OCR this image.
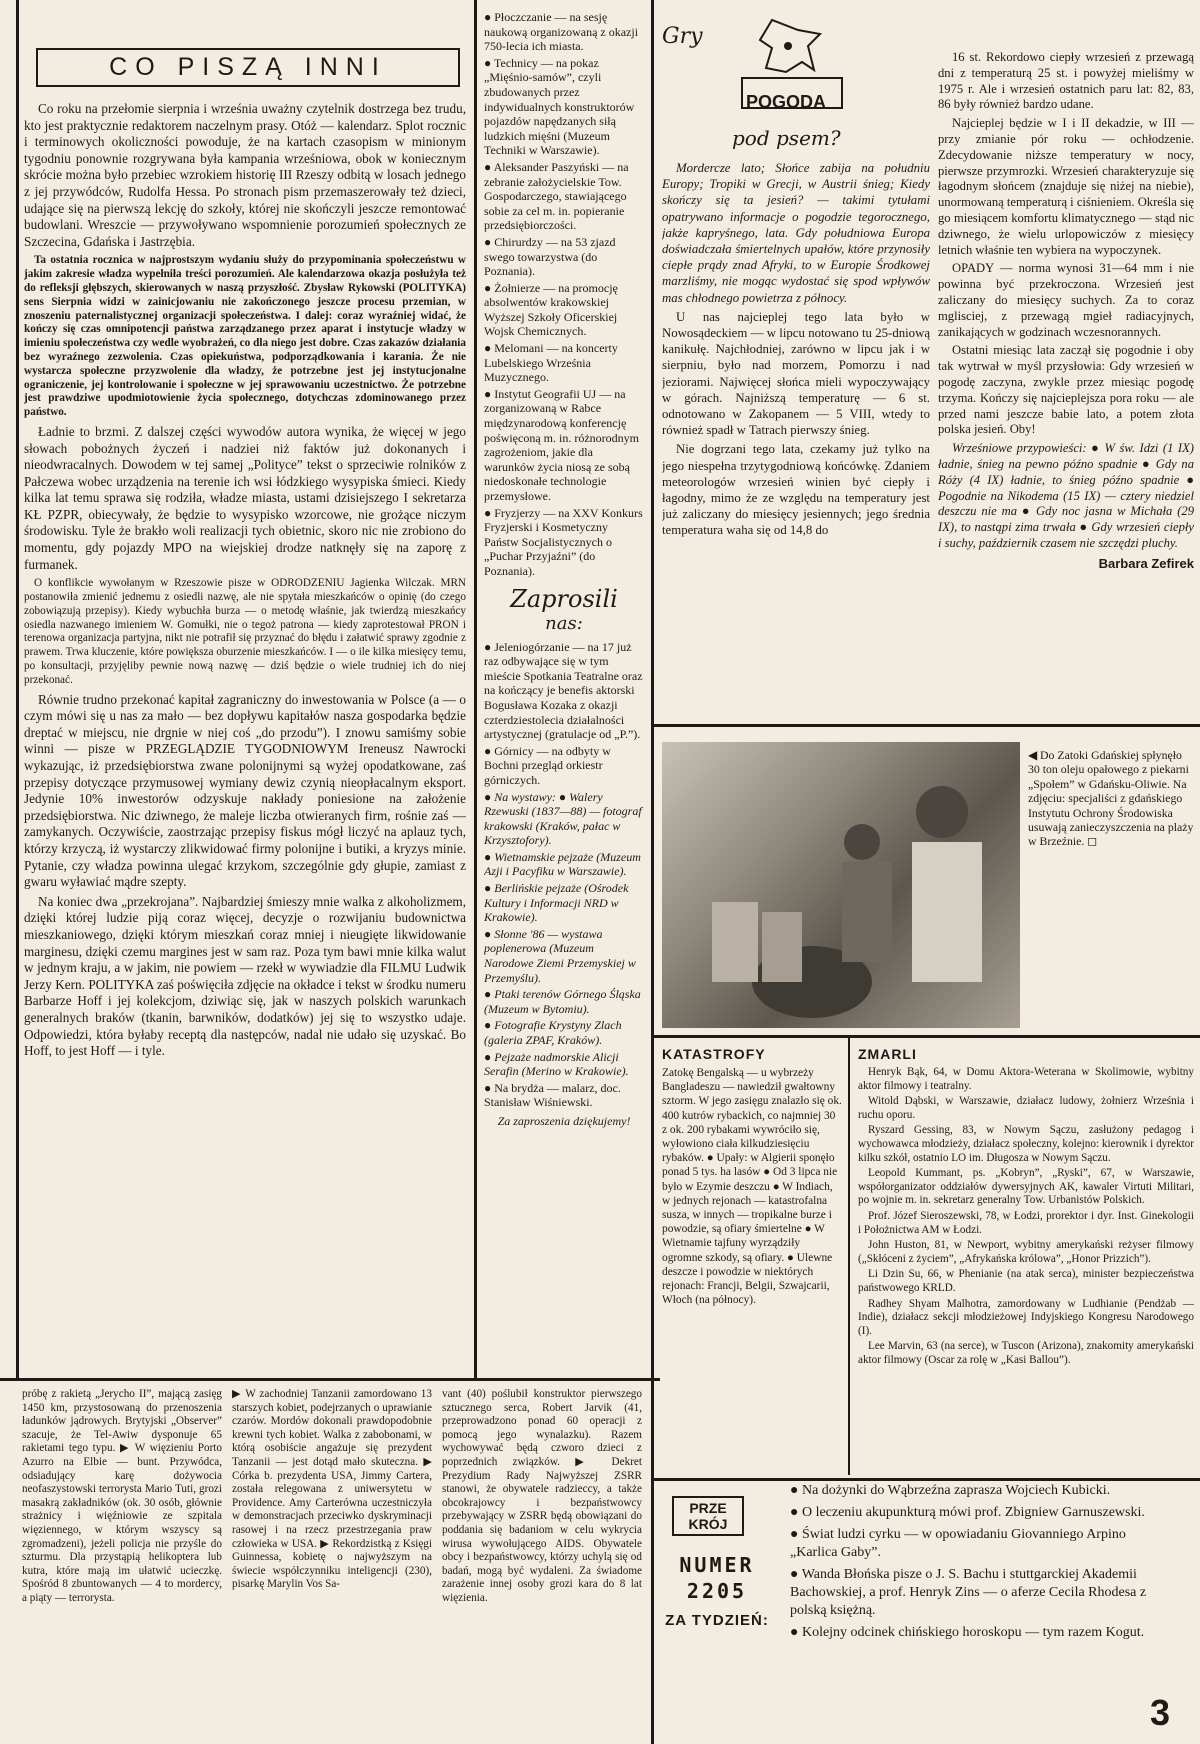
CO PISZĄ INNI

Co roku na przełomie sierpnia i września uważny czytelnik dostrzega bez trudu, kto jest praktycznie redaktorem naczelnym prasy. Otóż — kalendarz. Splot rocznic i terminowych okoliczności powoduje, że na kartach czasopism w minionym tygodniu ponownie rozgrywana była kampania wrześniowa, obok w koniecznym skrócie można było przebiec wzrokiem historię III Rzeszy odbitą w losach jednego z jej przywódców, Rudolfa Hessa. Po stronach pism przemaszerowały też dzieci, udające się na pierwszą lekcję do szkoły, której nie skończyli jeszcze remontować budowlani. Wreszcie — przywoływano wspomnienie porozumień społecznych ze Szczecina, Gdańska i Jastrzębia.

Ta ostatnia rocznica w najprostszym wydaniu służy do przypominania społeczeństwu w jakim zakresie władza wypełniła treści porozumień. Ale kalendarzowa okazja posłużyła też do refleksji głębszych, skierowanych w naszą przyszłość. Zbysław Rykowski (POLITYKA) sens Sierpnia widzi w zainicjowaniu nie zakończonego jeszcze procesu przemian, w znoszeniu paternalistycznej organizacji społeczeństwa. I dalej: coraz wyraźniej widać, że kończy się czas omnipotencji państwa zarządzanego przez aparat i instytucje władzy w imieniu społeczeństwa czy wedle wyobrażeń, co dla niego jest dobre. Czas zakazów działania bez wyraźnego zezwolenia. Czas opiekuństwa, podporządkowania i karania. Że nie wystarcza społeczne przyzwolenie dla władzy, że potrzebne jest jej instytucjonalne ograniczenie, jej kontrolowanie i społeczne w jej sprawowaniu uczestnictwo. Że potrzebne jest prawdziwe upodmiotowienie życia społecznego, dotychczas zdominowanego przez państwo.

Ładnie to brzmi. Z dalszej części wywodów autora wynika, że więcej w jego słowach pobożnych życzeń i nadziei niż faktów już dokonanych i nieodwracalnych. Dowodem w tej samej „Polityce” tekst o sprzeciwie rolników z Pałczewa wobec urządzenia na terenie ich wsi łódzkiego wysypiska śmieci. Kiedy kilka lat temu sprawa się rodziła, władze miasta, ustami dzisiejszego I sekretarza KŁ PZPR, obiecywały, że będzie to wysypisko wzorcowe, nie grożące niczym środowisku. Tyle że brakło woli realizacji tych obietnic, skoro nic nie zrobiono do momentu, gdy pojazdy MPO na wiejskiej drodze natknęły się na zaporę z furmanek.

O konflikcie wywołanym w Rzeszowie pisze w ODRODZENIU Jagienka Wilczak. MRN postanowiła zmienić jednemu z osiedli nazwę, ale nie spytała mieszkańców o opinię (do czego zobowiązują przepisy). Kiedy wybuchła burza — o metodę właśnie, jak twierdzą mieszkańcy osiedla nazwanego imieniem W. Gomułki, nie o tegoż patrona — kiedy zaprotestował PRON i terenowa organizacja partyjna, nikt nie potrafił się przyznać do błędu i załatwić sprawy zgodnie z prawem. Trwa kluczenie, które powiększa oburzenie mieszkańców. I — o ile kilka miesięcy temu, po konsultacji, przyjęliby pewnie nową nazwę — dziś będzie o wiele trudniej ich do niej przekonać.

Równie trudno przekonać kapitał zagraniczny do inwestowania w Polsce (a — o czym mówi się u nas za mało — bez dopływu kapitałów nasza gospodarka będzie dreptać w miejscu, nie drgnie w niej coś „do przodu”). I znowu samiśmy sobie winni — pisze w PRZEGLĄDZIE TYGODNIOWYM Ireneusz Nawrocki wykazując, iż przedsiębiorstwa zwane polonijnymi są wyżej opodatkowane, zaś przepisy dotyczące przymusowej wymiany dewiz czynią nieopłacalnym eksport. Jedynie 10% inwestorów odzyskuje nakłady poniesione na założenie przedsiębiorstwa. Nic dziwnego, że maleje liczba otwieranych firm, rośnie zaś — zamykanych. Oczywiście, zaostrzając przepisy fiskus mógł liczyć na aplauz tych, którzy krzyczą, iż wystarczy zlikwidować firmy polonijne i butiki, a kryzys minie. Pytanie, czy władza powinna ulegać krzykom, szczególnie gdy głupie, zamiast z gwaru wyławiać mądre szepty.

Na koniec dwa „przekrojana”. Najbardziej śmieszy mnie walka z alkoholizmem, dzięki której ludzie piją coraz więcej, decyzje o rozwijaniu budownictwa mieszkaniowego, dzięki którym mieszkań coraz mniej i nieugięte likwidowanie marginesu, dzięki czemu margines jest w sam raz. Poza tym bawi mnie kilka walut w jednym kraju, a w jakim, nie powiem — rzekł w wywiadzie dla FILMU Ludwik Jerzy Kern. POLITYKA zaś poświęciła zdjęcie na okładce i tekst w środku numeru Barbarze Hoff i jej kolekcjom, dziwiąc się, jak w naszych polskich warunkach generalnych braków (tkanin, barwników, dodatków) jej się to wszystko udaje. Odpowiedzi, która byłaby receptą dla następców, nadal nie udało się uzyskać. Bo Hoff, to jest Hoff — i tyle.

● Płoczczanie — na sesję naukową organizowaną z okazji 750-lecia ich miasta.

● Technicy — na pokaz „Mięśnio-samów”, czyli zbudowanych przez indywidualnych konstruktorów pojazdów napędzanych siłą ludzkich mięśni (Muzeum Techniki w Warszawie).

● Aleksander Paszyński — na zebranie założycielskie Tow. Gospodarczego, stawiającego sobie za cel m. in. popieranie przedsiębiorczości.

● Chirurdzy — na 53 zjazd swego towarzystwa (do Poznania).

● Żołnierze — na promocję absolwentów krakowskiej Wyższej Szkoły Oficerskiej Wojsk Chemicznych.

● Melomani — na koncerty Lubelskiego Września Muzycznego.

● Instytut Geografii UJ — na zorganizowaną w Rabce międzynarodową konferencję poświęconą m. in. różnorodnym zagrożeniom, jakie dla warunków życia niosą ze sobą niedoskonałe technologie przemysłowe.

● Fryzjerzy — na XXV Konkurs Fryzjerski i Kosmetyczny Państw Socjalistycznych o „Puchar Przyjaźni” (do Poznania).

Zaprosili
nas:

● Jeleniogórzanie — na 17 już raz odbywające się w tym mieście Spotkania Teatralne oraz na kończący je benefis aktorski Bogusława Kozaka z okazji czterdziestolecia działalności artystycznej (gratulacje od „P.”).

● Górnicy — na odbyty w Bochni przegląd orkiestr górniczych.

● Na wystawy: ● Walery Rzewuski (1837—88) — fotograf krakowski (Kraków, pałac w Krzysztofory).

● Wietnamskie pejzaże (Muzeum Azji i Pacyfiku w Warszawie).

● Berlińskie pejzaże (Ośrodek Kultury i Informacji NRD w Krakowie).

● Słonne '86 — wystawa poplenerowa (Muzeum Narodowe Ziemi Przemyskiej w Przemyślu).

● Ptaki terenów Górnego Śląska (Muzeum w Bytomiu).

● Fotografie Krystyny Zlach (galeria ZPAF, Kraków).

● Pejzaże nadmorskie Alicji Serafin (Merino w Krakowie).

● Na brydża — malarz, doc. Stanisław Wiśniewski.

Za zaproszenia dziękujemy!
Gry
POGODA
pod psem?

Mordercze lato; Słońce zabija na południu Europy; Tropiki w Grecji, w Austrii śnieg; Kiedy skończy się ta jesień? — takimi tytułami opatrywano informacje o pogodzie tegorocznego, jakże kapryśnego, lata. Gdy południowa Europa doświadczała śmiertelnych upałów, które przynosiły ciepłe prądy znad Afryki, to w Europie Środkowej marzliśmy, nie mogąc wydostać się spod wpływów mas chłodnego powietrza z północy.

U nas najcieplej tego lata było w Nowosądeckiem — w lipcu notowano tu 25-dniową kanikułę. Najchłodniej, zarówno w lipcu jak i w sierpniu, było nad morzem, Pomorzu i nad jeziorami. Najwięcej słońca mieli wypoczywający w górach. Najniższą temperaturę — 6 st. odnotowano w Zakopanem — 5 VIII, wtedy to również spadł w Tatrach pierwszy śnieg.

Nie dogrzani tego lata, czekamy już tylko na jego niespełna trzytygodniową końcówkę. Zdaniem meteorologów wrzesień winien być ciepły i łagodny, mimo że ze względu na temperatury jest już zaliczany do miesięcy jesiennych; jego średnia temperatura waha się od 14,8 do

16 st. Rekordowo ciepły wrzesień z przewagą dni z temperaturą 25 st. i powyżej mieliśmy w 1975 r. Ale i wrzesień ostatnich paru lat: 82, 83, 86 były również bardzo udane.

Najcieplej będzie w I i II dekadzie, w III — przy zmianie pór roku — ochłodzenie. Zdecydowanie niższe temperatury w nocy, pierwsze przymrozki. Wrzesień charakteryzuje się łagodnym słońcem (znajduje się niżej na niebie), unormowaną temperaturą i ciśnieniem. Określa się go miesiącem komfortu klimatycznego — stąd nic dziwnego, że wielu urlopowiczów z miesięcy letnich właśnie ten wybiera na wypoczynek.

OPADY — norma wynosi 31—64 mm i nie powinna być przekroczona. Wrzesień jest zaliczany do miesięcy suchych. Za to coraz mglisciej, z przewagą mgieł radiacyjnych, zanikających w godzinach wczesnorannych.

Ostatni miesiąc lata zaczął się pogodnie i oby tak wytrwał w myśl przysłowia: Gdy wrzesień w pogodę zaczyna, zwykle przez miesiąc pogodę trzyma. Kończy się najcieplejsza pora roku — ale przed nami jeszcze babie lato, a potem złota polska jesień. Oby!

Wrześniowe przypowieści: ● W św. Idzi (1 IX) ładnie, śnieg na pewno późno spadnie ● Gdy na Róży (4 IX) ładnie, to śnieg późno spadnie ● Pogodnie na Nikodema (15 IX) — cztery niedziel deszczu nie ma ● Gdy noc jasna w Michała (29 IX), to nastąpi zima trwała ● Gdy wrzesień ciepły i suchy, październik czasem nie szczędzi pluchy.

Barbara Zefirek
◀ Do Zatoki Gdańskiej spłynęło 30 ton oleju opałowego z piekarni „Społem” w Gdańsku-Oliwie. Na zdjęciu: specjaliści z gdańskiego Instytutu Ochrony Środowiska usuwają zanieczyszczenia na plaży w Brzeźnie. ◻
KATASTROFY
Zatokę Bengalską — u wybrzeży Bangladeszu — nawiedził gwałtowny sztorm. W jego zasięgu znalazło się ok. 400 kutrów rybackich, co najmniej 30 z ok. 200 rybakami wywróciło się, wyłowiono ciała kilkudziesięciu rybaków. ● Upały: w Algierii sponęło ponad 5 tys. ha lasów ● Od 3 lipca nie było w Ezymie deszczu ● W Indiach, w jednych rejonach — katastrofalna susza, w innych — tropikalne burze i powodzie, są ofiary śmiertelne ● W Wietnamie tajfuny wyrządziły ogromne szkody, są ofiary. ● Ulewne deszcze i powodzie w niektórych rejonach: Francji, Belgii, Szwajcarii, Włoch (na północy).
ZMARLI

Henryk Bąk, 64, w Domu Aktora-Weterana w Skolimowie, wybitny aktor filmowy i teatralny.

Witold Dąbski, w Warszawie, działacz ludowy, żołnierz Września i ruchu oporu.

Ryszard Gessing, 83, w Nowym Sączu, zasłużony pedagog i wychowawca młodzieży, działacz społeczny, kolejno: kierownik i dyrektor kilku szkół, ostatnio LO im. Długosza w Nowym Sączu.

Leopold Kummant, ps. „Kobryn”, „Ryski”, 67, w Warszawie, współorganizator oddziałów dywersyjnych AK, kawaler Virtuti Militari, po wojnie m. in. sekretarz generalny Tow. Urbanistów Polskich.

Prof. Józef Sieroszewski, 78, w Łodzi, prorektor i dyr. Inst. Ginekologii i Położnictwa AM w Łodzi.

John Huston, 81, w Newport, wybitny amerykański reżyser filmowy („Skłóceni z życiem”, „Afrykańska królowa”, „Honor Prizzich”).

Li Dzin Su, 66, w Phenianie (na atak serca), minister bezpieczeństwa państwowego KRLD.

Radhey Shyam Malhotra, zamordowany w Ludhianie (Pendżab — Indie), działacz sekcji młodzieżowej Indyjskiego Kongresu Narodowego (I).

Lee Marvin, 63 (na serce), w Tuscon (Arizona), znakomity amerykański aktor filmowy (Oscar za rolę w „Kasi Ballou”).

próbę z rakietą „Jerycho II”, mającą zasięg 1450 km, przystosowaną do przenoszenia ładunków jądrowych. Brytyjski „Observer” szacuje, że Tel-Awiw dysponuje 65 rakietami tego typu. ▶ W więzieniu Porto Azurro na Elbie — bunt. Przywódca, odsiadujący karę dożywocia neofaszystowski terrorysta Mario Tuti, grozi masakrą zakładników (ok. 30 osób, głównie strażnicy i więźniowie ze szpitala więziennego, w którym wszyscy są zgromadzeni), jeżeli policja nie przyśle do szturmu. Dla przystąpią helikoptera lub kutra, które mają im ułatwić ucieczkę. Spośród 8 zbuntowanych — 4 to mordercy, a piąty — terrorysta.
▶ W zachodniej Tanzanii zamordowano 13 starszych kobiet, podejrzanych o uprawianie czarów. Mordów dokonali prawdopodobnie krewni tych kobiet. Walka z zabobonami, w którą osobiście angażuje się prezydent Tanzanii — jest dotąd mało skuteczna. ▶ Córka b. prezydenta USA, Jimmy Cartera, została relegowana z uniwersytetu w Providence. Amy Carterówna uczestniczyła w demonstracjach przeciwko dyskryminacji rasowej i na rzecz przestrzegania praw człowieka w USA. ▶ Rekordzistką z Księgi Guinnessa, kobietę o najwyższym na świecie współczynniku inteligencji (230), pisarkę Marylin Vos Sa-
vant (40) poślubił konstruktor pierwszego sztucznego serca, Robert Jarvik (41, przeprowadzono ponad 60 operacji z pomocą jego wynalazku). Razem wychowywać będą czworo dzieci z poprzednich związków. ▶ Dekret Prezydium Rady Najwyższej ZSRR stanowi, że obywatele radzieccy, a także obcokrajowcy i bezpaństwowcy przebywający w ZSRR będą obowiązani do poddania się badaniom w celu wykrycia wirusa wywołującego AIDS. Obywatele obcy i bezpaństwowcy, którzy uchylą się od badań, mogą być wydaleni. Za świadome zarażenie innej osoby grozi kara do 8 lat więzienia.
PRZE KRÓJ
NUMER
2205
ZA TYDZIEŃ:

● Na dożynki do Wąbrzeźna zaprasza Wojciech Kubicki.

● O leczeniu akupunkturą mówi prof. Zbigniew Garnuszewski.

● Świat ludzi cyrku — w opowiadaniu Giovanniego Arpino „Karlica Gaby”.

● Wanda Błońska pisze o J. S. Bachu i stuttgarckiej Akademii Bachowskiej, a prof. Henryk Zins — o aferze Cecila Rhodesa z polską księżną.

● Kolejny odcinek chińskiego horoskopu — tym razem Kogut.

3
